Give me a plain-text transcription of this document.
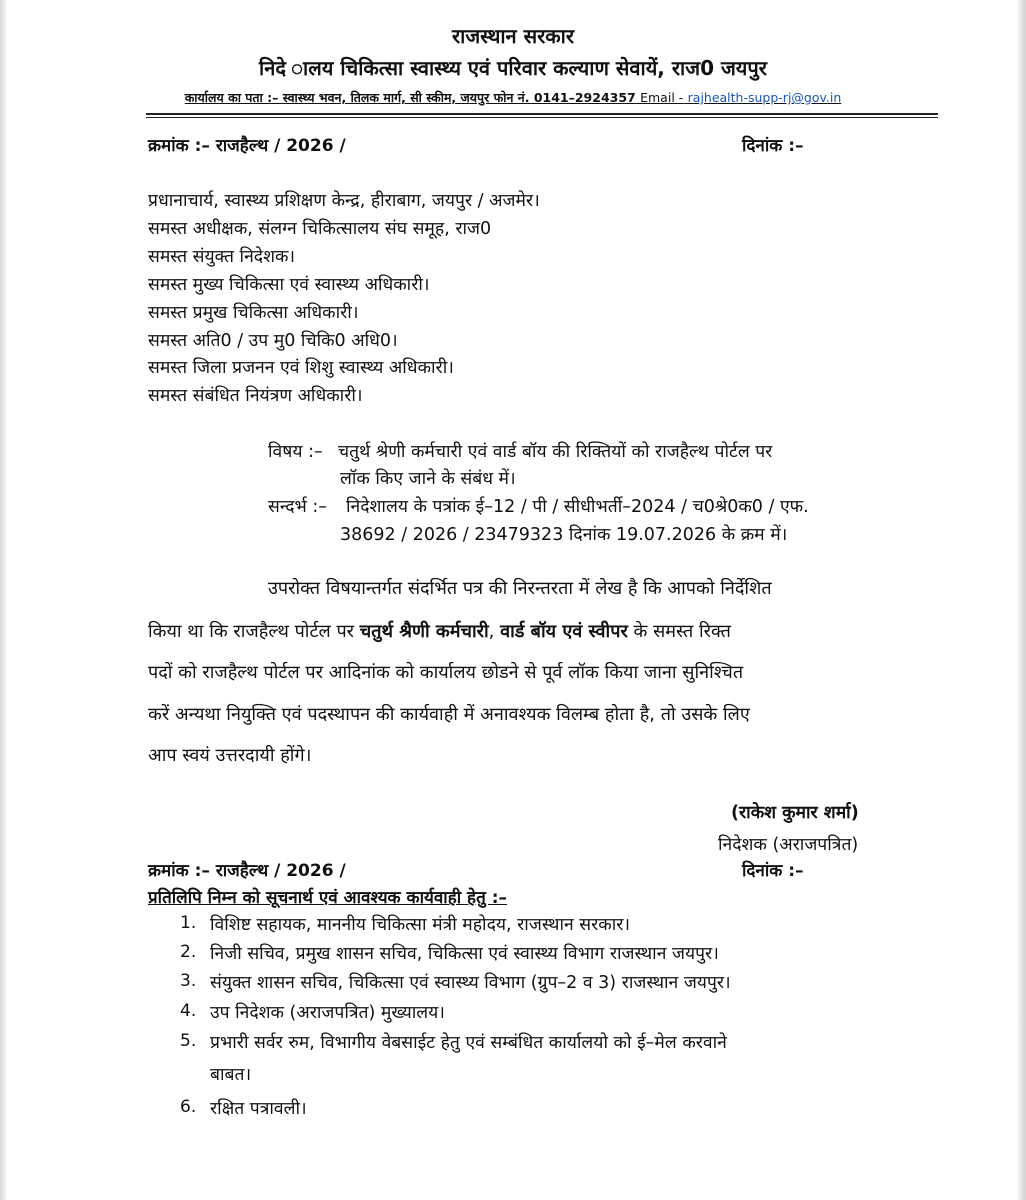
राजस्थान सरकार
निदे ालय चिकित्सा स्वास्थ्य एवं परिवार कल्याण सेवायें, राज0 जयपुर
कार्यालय का पता :– स्वास्थ्य भवन, तिलक मार्ग, सी स्कीम, जयपुर फोन नं. 0141–2924357 Email - rajhealth-supp-rj@gov.in
क्रमांक :– राजहैल्थ / 2026 /	दिनांक :–
प्रधानाचार्य, स्वास्थ्य प्रशिक्षण केन्द्र, हीराबाग, जयपुर / अजमेर।
समस्त अधीक्षक, संलग्न चिकित्सालय संघ समूह, राज0
समस्त संयुक्त निदेशक।
समस्त मुख्य चिकित्सा एवं स्वास्थ्य अधिकारी।
समस्त प्रमुख चिकित्सा अधिकारी।
समस्त अति0 / उप मु0 चिकि0 अधि0।
समस्त जिला प्रजनन एवं शिशु स्वास्थ्य अधिकारी।
समस्त संबंधित नियंत्रण अधिकारी।
विषय :– चतुर्थ श्रेणी कर्मचारी एवं वार्ड बॉय की रिक्तियों को राजहैल्थ पोर्टल पर
लॉक किए जाने के संबंध में।
सन्दर्भ :– निदेशालय के पत्रांक ई–12 / पी / सीधीभर्ती–2024 / च0श्रे0क0 / एफ.
38692 / 2026 / 23479323 दिनांक 19.07.2026 के क्रम में।
उपरोक्त विषयान्तर्गत संदर्भित पत्र की निरन्तरता में लेख है कि आपको निर्देशित
किया था कि राजहैल्थ पोर्टल पर चतुर्थ श्रैणी कर्मचारी, वार्ड बॉय एवं स्वीपर के समस्त रिक्त
पदों को राजहैल्थ पोर्टल पर आदिनांक को कार्यालय छोडने से पूर्व लॉक किया जाना सुनिश्चित
करें अन्यथा नियुक्ति एवं पदस्थापन की कार्यवाही में अनावश्यक विलम्ब होता है, तो उसके लिए
आप स्वयं उत्तरदायी होंगे।
(राकेश कुमार शर्मा)
निदेशक (अराजपत्रित)
क्रमांक :– राजहैल्थ / 2026 /	दिनांक :–
प्रतिलिपि निम्न को सूचनार्थ एवं आवश्यक कार्यवाही हेतु :–
1. विशिष्ट सहायक, माननीय चिकित्सा मंत्री महोदय, राजस्थान सरकार।
2. निजी सचिव, प्रमुख शासन सचिव, चिकित्सा एवं स्वास्थ्य विभाग राजस्थान जयपुर।
3. संयुक्त शासन सचिव, चिकित्सा एवं स्वास्थ्य विभाग (ग्रुप–2 व 3) राजस्थान जयपुर।
4. उप निदेशक (अराजपत्रित) मुख्यालय।
5. प्रभारी सर्वर रुम, विभागीय वेबसाईट हेतु एवं सम्बंधित कार्यालयो को ई–मेल करवाने
बाबत।
6. रक्षित पत्रावली।
